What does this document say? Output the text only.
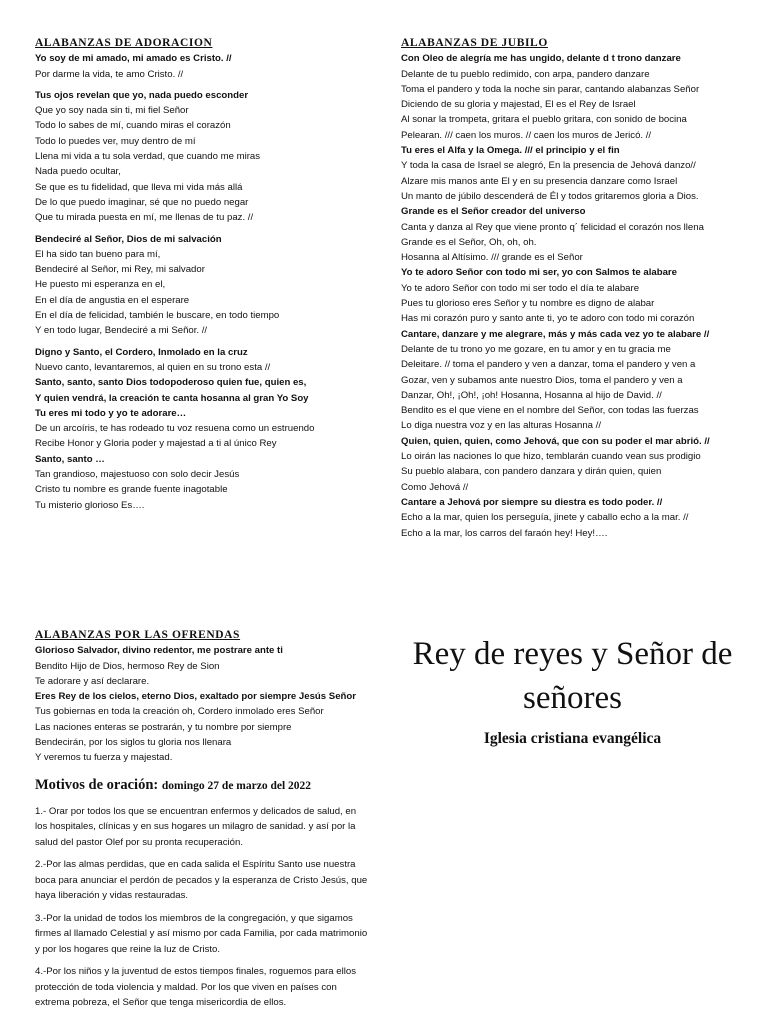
ALABANZAS DE ADORACION

Yo soy de mi amado, mi amado es Cristo. //

Por darme la vida, te amo Cristo. //

Tus ojos revelan que yo, nada puedo esconder

Que yo soy nada sin ti, mi fiel Señor

Todo lo sabes de mí, cuando miras el corazón

Todo lo puedes ver, muy dentro de mí

Llena mi vida a tu sola verdad, que cuando me miras

Nada puedo ocultar,

Se que es tu fidelidad, que lleva mi vida más allá

De lo que puedo imaginar, sé que no puedo negar

Que tu mirada puesta en mí, me llenas de tu paz. //

Bendeciré al Señor, Dios de mi salvación

El ha sido tan bueno para mí,

Bendeciré al Señor, mi Rey, mi salvador

He puesto mi esperanza en el,

En el día de angustia en el esperare

En el día de felicidad, también le buscare, en todo tiempo

Y en todo lugar, Bendeciré a mi Señor. //

Digno y Santo, el Cordero, Inmolado en la cruz

Nuevo canto, levantaremos, al quien en su trono esta //

Santo, santo, santo Dios todopoderoso quien fue, quien es,

Y quien vendrá, la creación te canta hosanna al gran Yo Soy

Tu eres mi todo y yo te adorare…

De un arcoíris, te has rodeado tu voz resuena como un estruendo

Recibe Honor y Gloria poder y majestad a ti al único Rey

Santo, santo …

Tan grandioso, majestuoso con solo decir Jesús

Cristo tu nombre es grande fuente inagotable

Tu misterio glorioso Es….

ALABANZAS DE JUBILO

Con Oleo de alegría me has ungido, delante d t trono danzare

Delante de tu pueblo redimido, con arpa, pandero danzare

Toma el pandero y toda la noche sin parar, cantando alabanzas Señor

Diciendo de su gloria y majestad, El es el Rey de Israel

Al sonar la trompeta, gritara el pueblo gritara, con sonido de bocina

Pelearan. /// caen los muros. // caen los muros de Jericó. //

Tu eres el Alfa y la Omega. /// el principio y el fin

Y toda la casa de Israel se alegró, En la presencia de Jehová danzo//

Alzare mis manos ante El y en su presencia danzare como Israel

Un manto de júbilo descenderá de Él y todos gritaremos gloria a Dios.

Grande es el Señor creador del universo

Canta y danza al Rey que viene pronto q´ felicidad el corazón nos llena

Grande es el Señor, Oh, oh, oh.

Hosanna al Altísimo. /// grande es el Señor

Yo te adoro Señor con todo mi ser, yo con Salmos te alabare

Yo te adoro Señor con todo mi ser todo el día te alabare

Pues tu glorioso eres Señor y tu nombre es digno de alabar

Has mi corazón puro y santo ante ti, yo te adoro con todo mi corazón

Cantare, danzare y me alegrare, más y más cada vez yo te alabare //

Delante de tu trono yo me gozare, en tu amor y en tu gracia me

Deleitare. // toma el pandero y ven a danzar, toma el pandero y ven a

Gozar, ven y subamos ante nuestro Dios, toma el pandero y ven a

Danzar, Oh!, ¡Oh!, ¡oh! Hosanna, Hosanna al hijo de David. //

Bendito es el que viene en el nombre del Señor, con todas las fuerzas

Lo diga nuestra voz y en las alturas Hosanna //

Quien, quien, quien, como Jehová, que con su poder el mar abrió. //

Lo oirán las naciones lo que hizo, temblarán cuando vean sus prodigio

Su pueblo alabara, con pandero danzara y dirán quien, quien

Como Jehová //

Cantare a Jehová por siempre su diestra es todo poder. //

Echo a la mar, quien los perseguía, jinete y caballo echo a la mar. //

Echo a la mar, los carros del faraón hey! Hey!….

ALABANZAS POR LAS OFRENDAS

Glorioso Salvador, divino redentor, me postrare ante ti

Bendito Hijo de Dios, hermoso Rey de Sion

Te adorare y así declarare.

Eres Rey de los cielos, eterno Dios, exaltado por siempre Jesús Señor

Tus gobiernas en toda la creación oh, Cordero inmolado eres Señor

Las naciones enteras se postrarán, y tu nombre por siempre

Bendecirán, por los siglos tu gloria nos llenara

Y veremos tu fuerza y majestad.

Motivos de oración: domingo 27 de marzo del 2022

1.- Orar por todos los que se encuentran enfermos y delicados de salud, en los hospitales, clínicas y en sus hogares un milagro de sanidad. y así por la salud del pastor Olef por su pronta recuperación.

2.-Por las almas perdidas, que en cada salida el Espíritu Santo use nuestra boca para anunciar el perdón de pecados y la esperanza de Cristo Jesús, que haya liberación y vidas restauradas.

3.-Por la unidad de todos los miembros de la congregación, y que sigamos firmes al llamado Celestial y así mismo por cada Familia, por cada matrimonio y por los hogares que reine la luz de Cristo.

4.-Por los niños y la juventud de estos tiempos finales, roguemos para ellos protección de toda violencia y maldad. Por los que viven en países con extrema pobreza, el Señor que tenga misericordia de ellos.

Rey de reyes y Señor de señores

Iglesia cristiana evangélica
